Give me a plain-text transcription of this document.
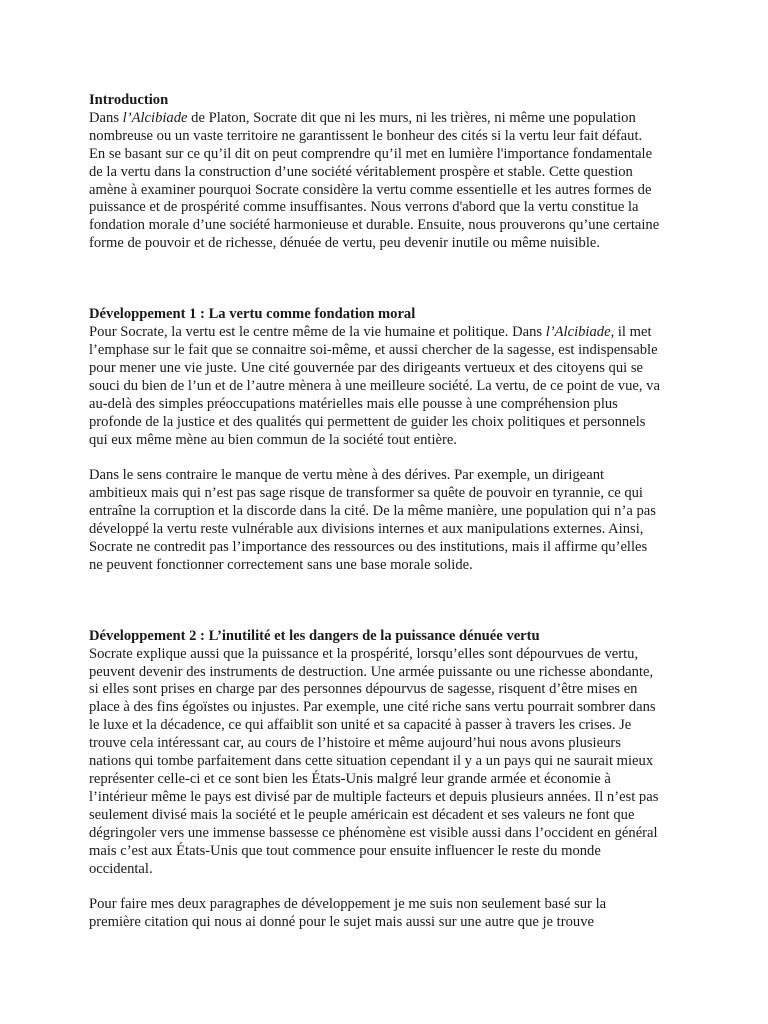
Introduction

Dans l’Alcibiade de Platon, Socrate dit que ni les murs, ni les trières, ni même une population
nombreuse ou un vaste territoire ne garantissent le bonheur des cités si la vertu leur fait défaut.
En se basant sur ce qu’il dit on peut comprendre qu’il met en lumière l'importance fondamentale
de la vertu dans la construction d’une société véritablement prospère et stable. Cette question
amène à examiner pourquoi Socrate considère la vertu comme essentielle et les autres formes de
puissance et de prospérité comme insuffisantes. Nous verrons d'abord que la vertu constitue la
fondation morale d’une société harmonieuse et durable. Ensuite, nous prouverons qu’une certaine
forme de pouvoir et de richesse, dénuée de vertu, peu devenir inutile ou même nuisible.

Développement 1 : La vertu comme fondation moral

Pour Socrate, la vertu est le centre même de la vie humaine et politique. Dans l’Alcibiade, il met
l’emphase sur le fait que se connaitre soi-même, et aussi chercher de la sagesse, est indispensable
pour mener une vie juste. Une cité gouvernée par des dirigeants vertueux et des citoyens qui se
souci du bien de l’un et de l’autre mènera à une meilleure société. La vertu, de ce point de vue, va
au-delà des simples préoccupations matérielles mais elle pousse à une compréhension plus
profonde de la justice et des qualités qui permettent de guider les choix politiques et personnels
qui eux même mène au bien commun de la société tout entière.

Dans le sens contraire le manque de vertu mène à des dérives. Par exemple, un dirigeant
ambitieux mais qui n’est pas sage risque de transformer sa quête de pouvoir en tyrannie, ce qui
entraîne la corruption et la discorde dans la cité. De la même manière, une population qui n’a pas
développé la vertu reste vulnérable aux divisions internes et aux manipulations externes. Ainsi,
Socrate ne contredit pas l’importance des ressources ou des institutions, mais il affirme qu’elles
ne peuvent fonctionner correctement sans une base morale solide.

Développement 2 : L’inutilité et les dangers de la puissance dénuée vertu

Socrate explique aussi que la puissance et la prospérité, lorsqu’elles sont dépourvues de vertu,
peuvent devenir des instruments de destruction. Une armée puissante ou une richesse abondante,
si elles sont prises en charge par des personnes dépourvus de sagesse, risquent d’être mises en
place à des fins égoïstes ou injustes. Par exemple, une cité riche sans vertu pourrait sombrer dans
le luxe et la décadence, ce qui affaiblit son unité et sa capacité à passer à travers les crises. Je
trouve cela intéressant car, au cours de l’histoire et même aujourd’hui nous avons plusieurs
nations qui tombe parfaitement dans cette situation cependant il y a un pays qui ne saurait mieux
représenter celle-ci et ce sont bien les États-Unis malgré leur grande armée et économie à
l’intérieur même le pays est divisé par de multiple facteurs et depuis plusieurs années. Il n’est pas
seulement divisé mais la société et le peuple américain est décadent et ses valeurs ne font que
dégringoler vers une immense bassesse ce phénomène est visible aussi dans l’occident en général
mais c’est aux États-Unis que tout commence pour ensuite influencer le reste du monde
occidental.

Pour faire mes deux paragraphes de développement je me suis non seulement basé sur la
première citation qui nous ai donné pour le sujet mais aussi sur une autre que je trouve
